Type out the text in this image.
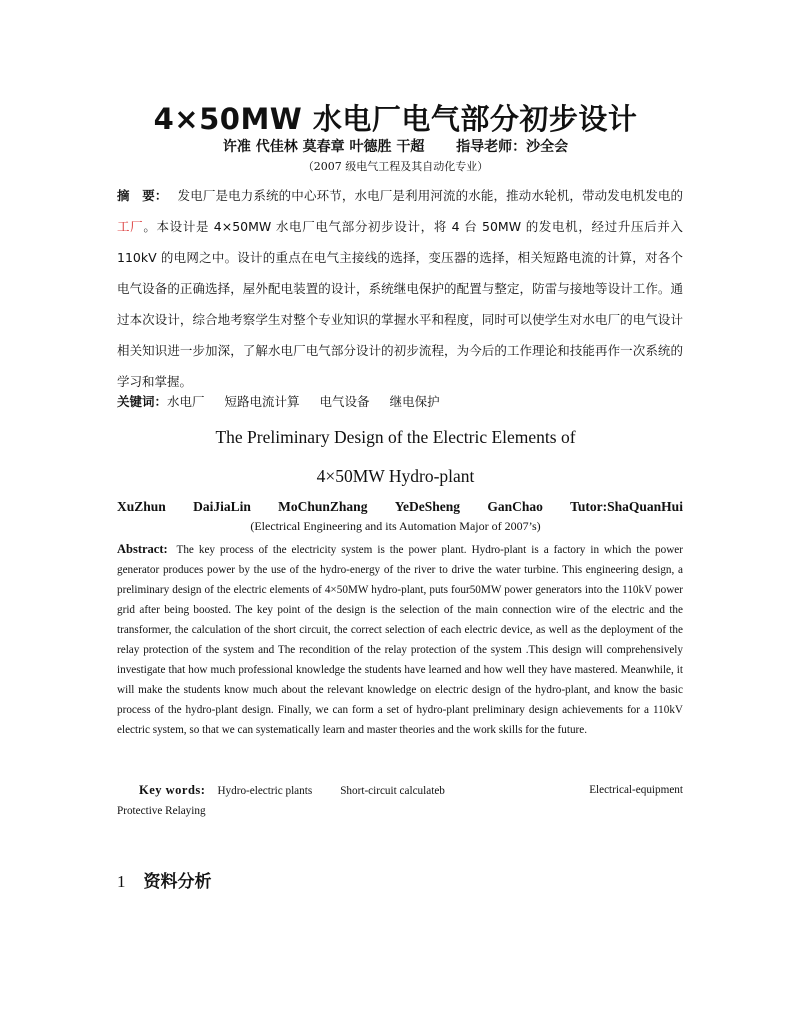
4×50MW 水电厂电气部分初步设计
许准 代佳林 莫春章 叶德胜 干超 指导老师：沙全会
（2007 级电气工程及其自动化专业）
摘　要： 发电厂是电力系统的中心环节，水电厂是利用河流的水能，推动水轮机，带动发电机发电的工厂。本设计是 4×50MW 水电厂电气部分初步设计，将 4 台 50MW 的发电机，经过升压后并入 110kV 的电网之中。设计的重点在电气主接线的选择，变压器的选择，相关短路电流的计算，对各个电气设备的正确选择，屋外配电装置的设计，系统继电保护的配置与整定，防雷与接地等设计工作。通过本次设计，综合地考察学生对整个专业知识的掌握水平和程度，同时可以使学生对水电厂的电气设计相关知识进一步加深，了解水电厂电气部分设计的初步流程，为今后的工作理论和技能再作一次系统的学习和掌握。
关键词：水电厂 短路电流计算 电气设备 继电保护
The Preliminary Design of the Electric Elements of
4×50MW Hydro-plant
XuZhun DaiJiaLin MoChunZhang YeDeSheng GanChao Tutor:ShaQuanHui
(Electrical Engineering and its Automation Major of 2007’s)
Abstract: The key process of the electricity system is the power plant. Hydro-plant is a factory in which the power generator produces power by the use of the hydro-energy of the river to drive the water turbine. This engineering design, a preliminary design of the electric elements of 4×50MW hydro-plant, puts four50MW power generators into the 110kV power grid after being boosted. The key point of the design is the selection of the main connection wire of the electric and the transformer, the calculation of the short circuit, the correct selection of each electric device, as well as the deployment of the relay protection of the system and The recondition of the relay protection of the system .This design will comprehensively investigate that how much professional knowledge the students have learned and how well they have mastered. Meanwhile, it will make the students know much about the relevant knowledge on electric design of the hydro-plant, and know the basic process of the hydro-plant design. Finally, we can form a set of hydro-plant preliminary design achievements for a 110kV electric system, so that we can systematically learn and master theories and the work skills for the future.
Key words: Hydro-electric plants	Short-circuit calculateb	Electrical-equipment

Protective Relaying
1 资料分析
